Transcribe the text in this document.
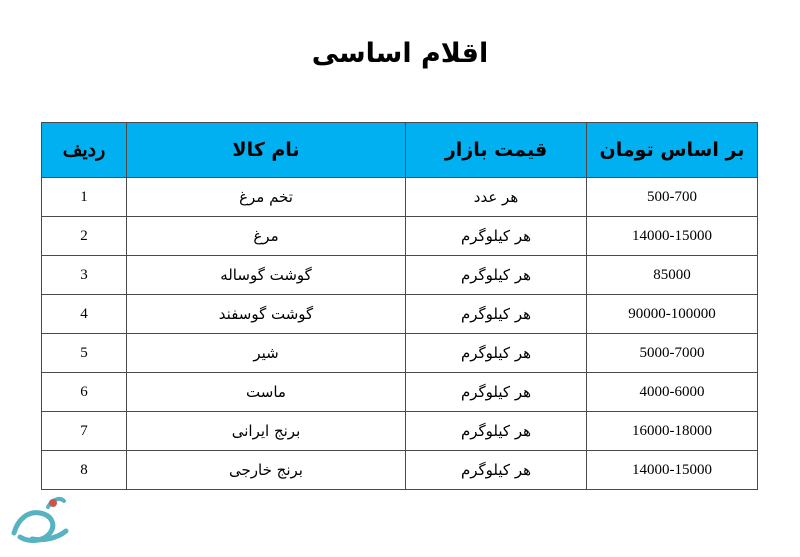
اقلام اساسی
بر اساس تومان	قیمت بازار	نام کالا	ردیف
500-700	هر عدد	تخم مرغ	1
14000-15000	هر کیلوگرم	مرغ	2
85000	هر کیلوگرم	گوشت گوساله	3
90000-100000	هر کیلوگرم	گوشت گوسفند	4
5000-7000	هر کیلوگرم	شیر	5
4000-6000	هر کیلوگرم	ماست	6
16000-18000	هر کیلوگرم	برنج ایرانی	7
14000-15000	هر کیلوگرم	برنج خارجی	8
